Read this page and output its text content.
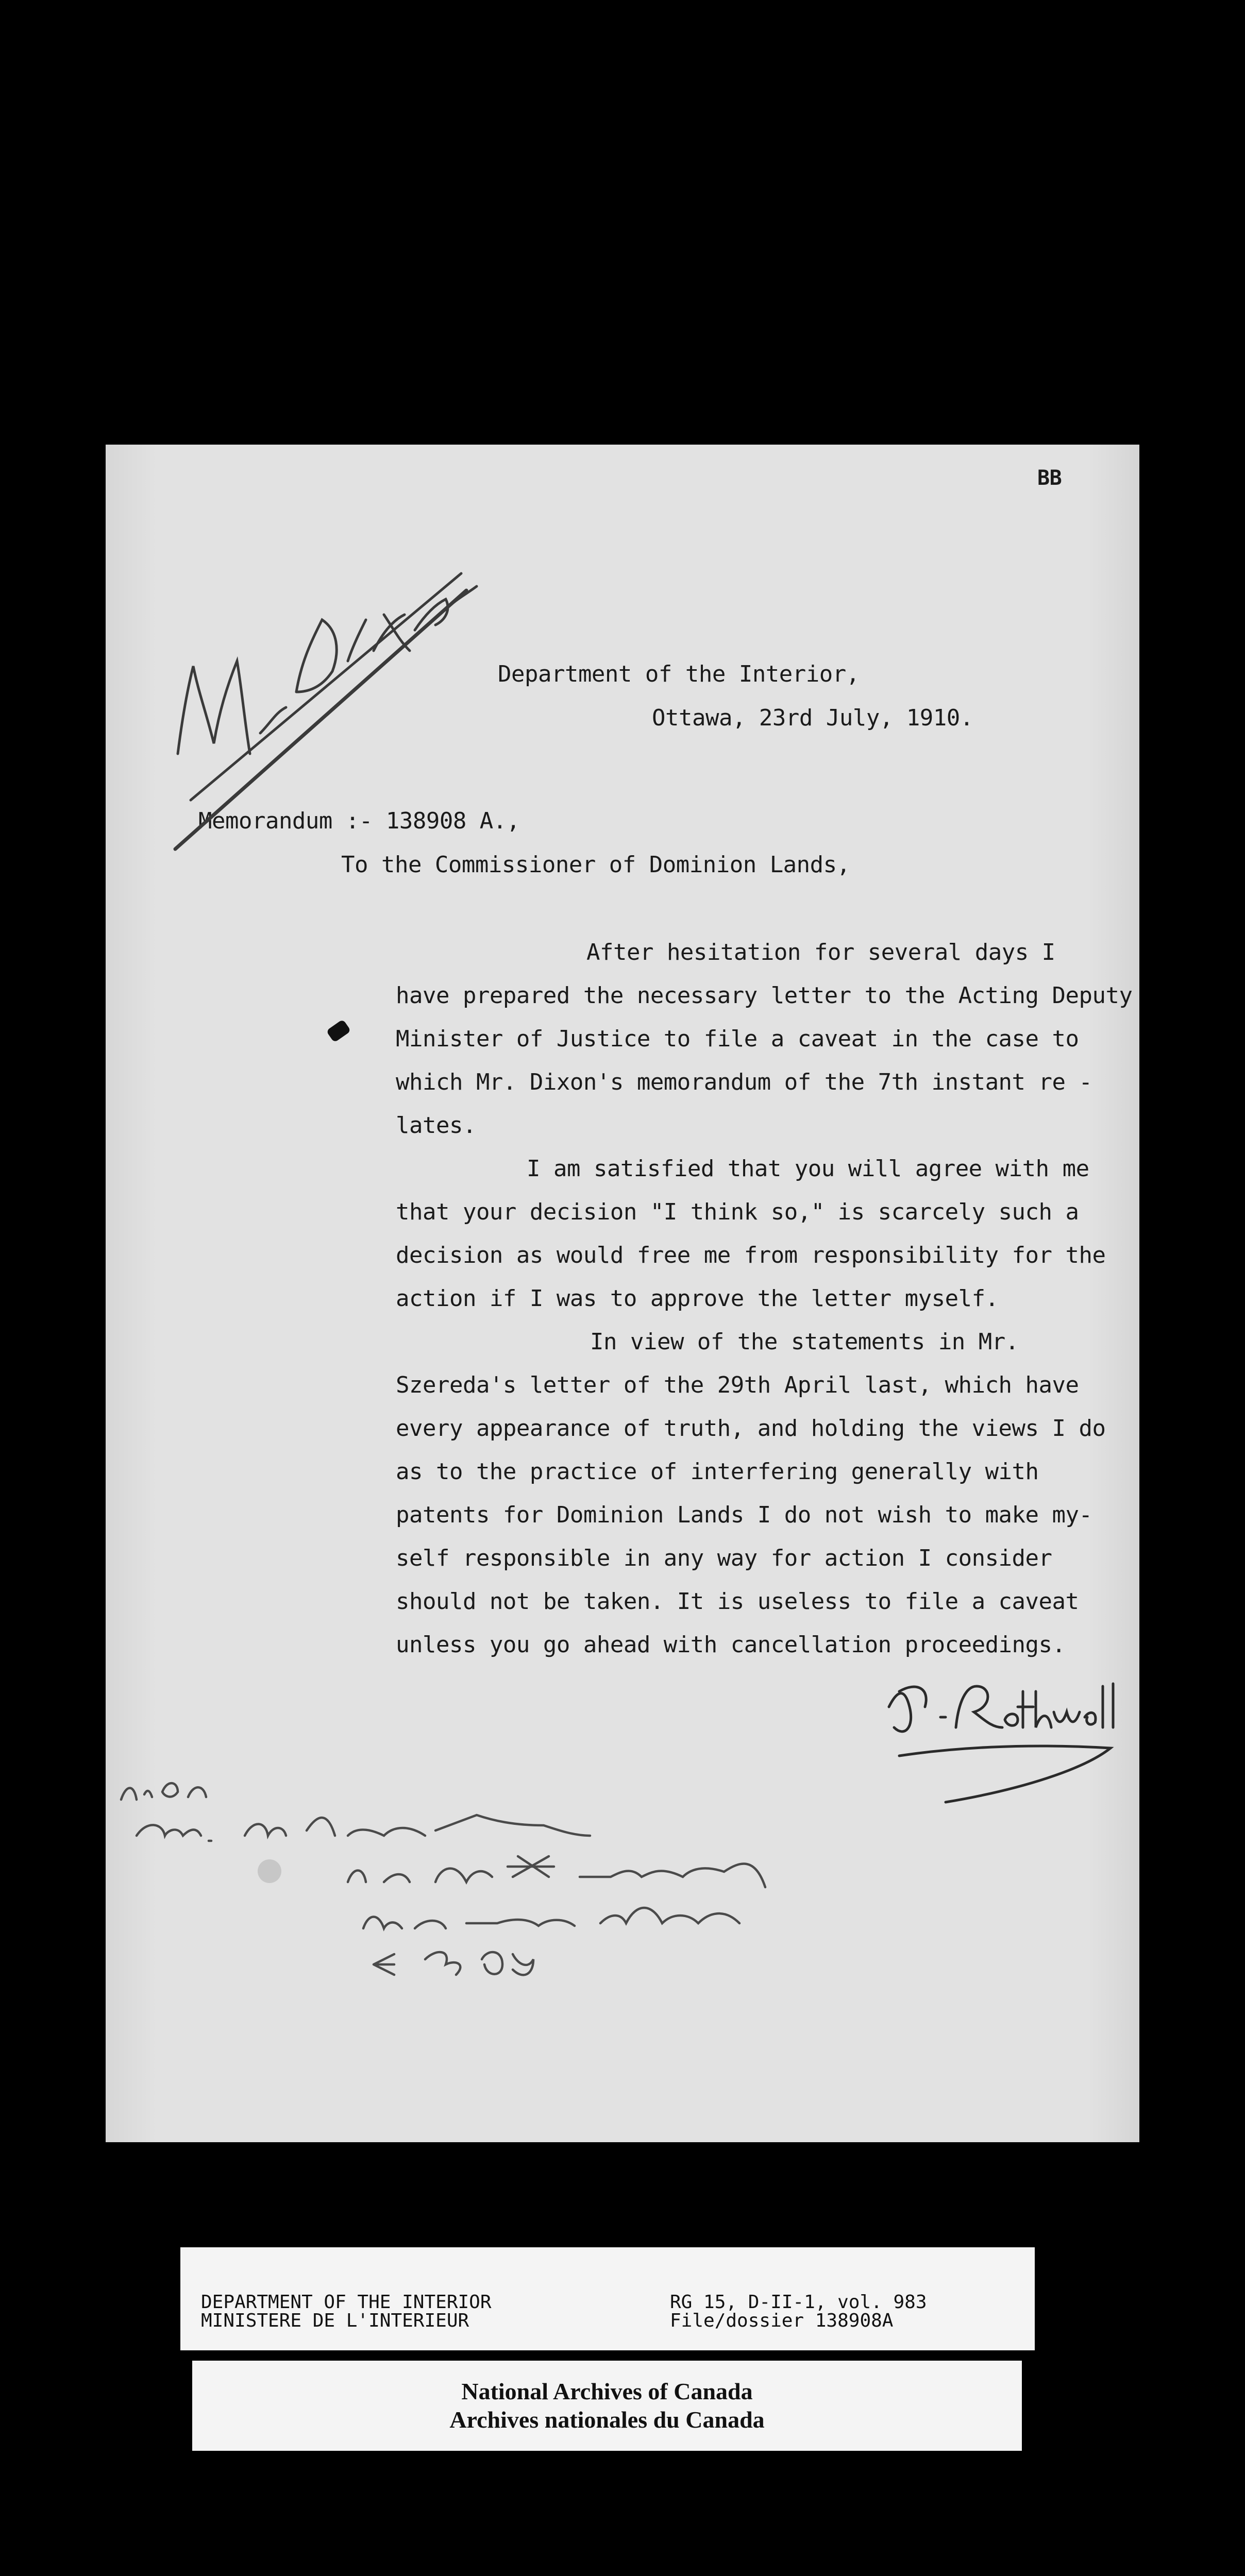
BB
Department of the Interior,
Ottawa, 23rd July, 1910.
Memorandum :- 138908 A.,
To the Commissioner of Dominion Lands,
After hesitation for several days I
have prepared the necessary letter to the Acting Deputy
Minister of Justice to file a caveat in the case to
which Mr. Dixon's memorandum of the 7th instant re -
lates.
I am satisfied that you will agree with me
that your decision "I think so," is scarcely such a
decision as would free me from responsibility for the
action if I was to approve the letter myself.
In view of the statements in Mr.
Szereda's letter of the 29th April last, which have
every appearance of truth, and holding the views I do
as to the practice of interfering generally with
patents for Dominion Lands I do not wish to make my-
self responsible in any way for action I consider
should not be taken. It is useless to file a caveat
unless you go ahead with cancellation proceedings.
DEPARTMENT OF THE INTERIOR
MINISTERE DE L'INTERIEUR
RG 15, D-II-1, vol. 983
File/dossier 138908A
National Archives of Canada
Archives nationales du Canada
